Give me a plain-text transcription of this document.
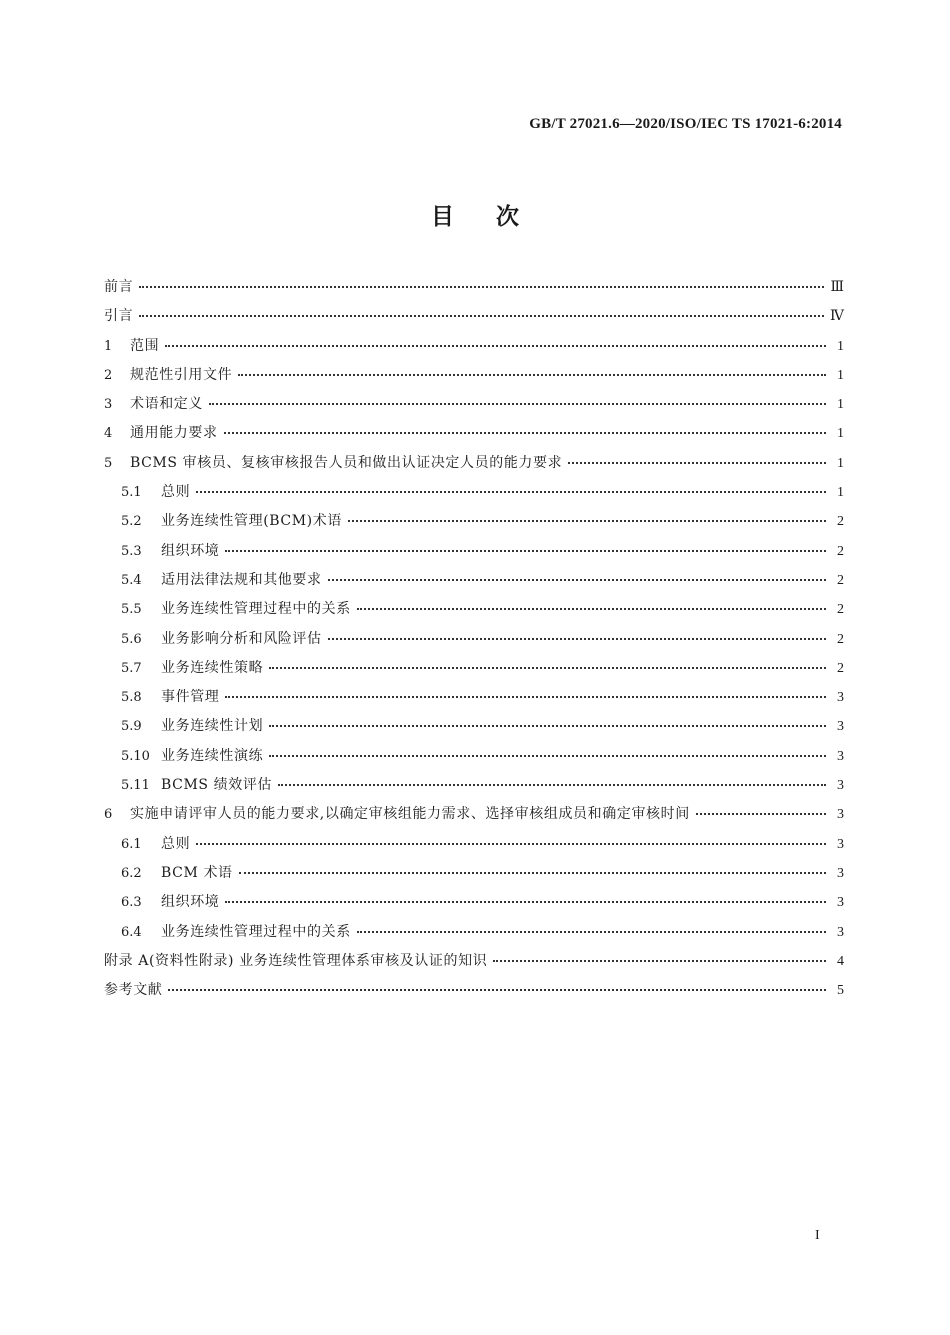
GB/T 27021.6—2020/ISO/IEC TS 17021-6:2014
目次
前言	Ⅲ
引言	Ⅳ
1	范围	1
2	规范性引用文件	1
3	术语和定义	1
4	通用能力要求	1
5	BCMS 审核员、复核审核报告人员和做出认证决定人员的能力要求	1
5.1	总则	1
5.2	业务连续性管理(BCM)术语	2
5.3	组织环境	2
5.4	适用法律法规和其他要求	2
5.5	业务连续性管理过程中的关系	2
5.6	业务影响分析和风险评估	2
5.7	业务连续性策略	2
5.8	事件管理	3
5.9	业务连续性计划	3
5.10 业务连续性演练	3
5.11 BCMS 绩效评估	3
6	实施申请评审人员的能力要求,以确定审核组能力需求、选择审核组成员和确定审核时间	3
6.1	总则	3
6.2	BCM 术语	3
6.3	组织环境	3
6.4	业务连续性管理过程中的关系	3
附录 A(资料性附录) 业务连续性管理体系审核及认证的知识	4
参考文献	5
I
